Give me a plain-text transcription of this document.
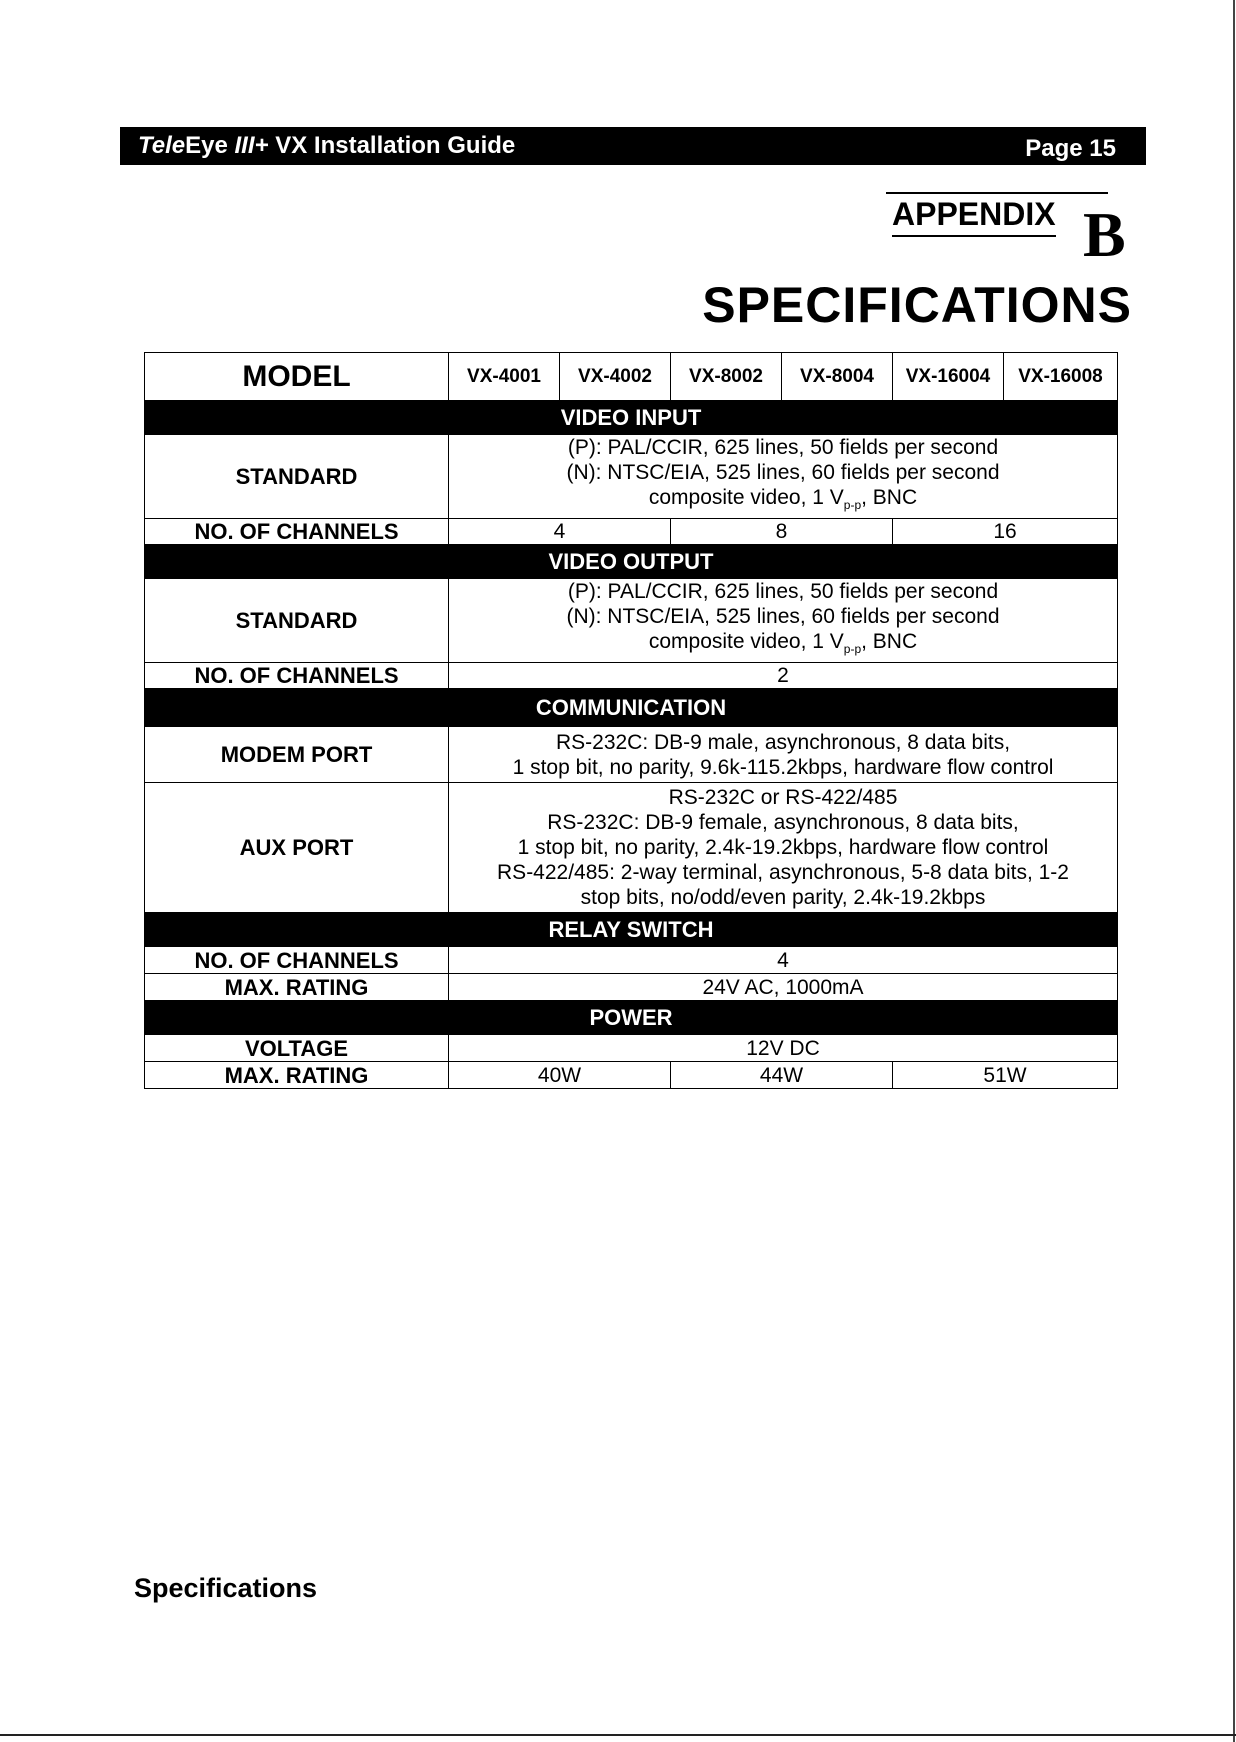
TeleEye III+ VX Installation Guide	Page 15
APPENDIX B
SPECIFICATIONS
MODEL	VX-4001	VX-4002	VX-8002	VX-8004	VX-16004	VX-16008
VIDEO INPUT						
STANDARD	(P): PAL/CCIR, 625 lines, 50 fields per second
(N): NTSC/EIA, 525 lines, 60 fields per second
composite video, 1 $V_{p-p}$, BNC					

NO. OF CHANNELS	4		8		16	
VIDEO OUTPUT						
STANDARD	(P): PAL/CCIR, 625 lines, 50 fields per second
(N): NTSC/EIA, 525 lines, 60 fields per second
composite video, 1 $V_{p-p}$, BNC					

NO. OF CHANNELS	2					
COMMUNICATION						
MODEM PORT	RS-232C: DB-9 male, asynchronous, 8 data bits,
1 stop bit, no parity, 9.6k-115.2kbps, hardware flow control					

AUX PORT	RS-232C or RS-422/485
RS-232C: DB-9 female, asynchronous, 8 data bits,
1 stop bit, no parity, 2.4k-19.2kbps, hardware flow control
RS-422/485: 2-way terminal, asynchronous, 5-8 data bits, 1-2
stop bits, no/odd/even parity, 2.4k-19.2kbps					

RELAY SWITCH						
NO. OF CHANNELS	4					
MAX. RATING	24V AC, 1000mA					
POWER						
VOLTAGE	12V DC					
MAX. RATING	40W		44W		51W	
Specifications
